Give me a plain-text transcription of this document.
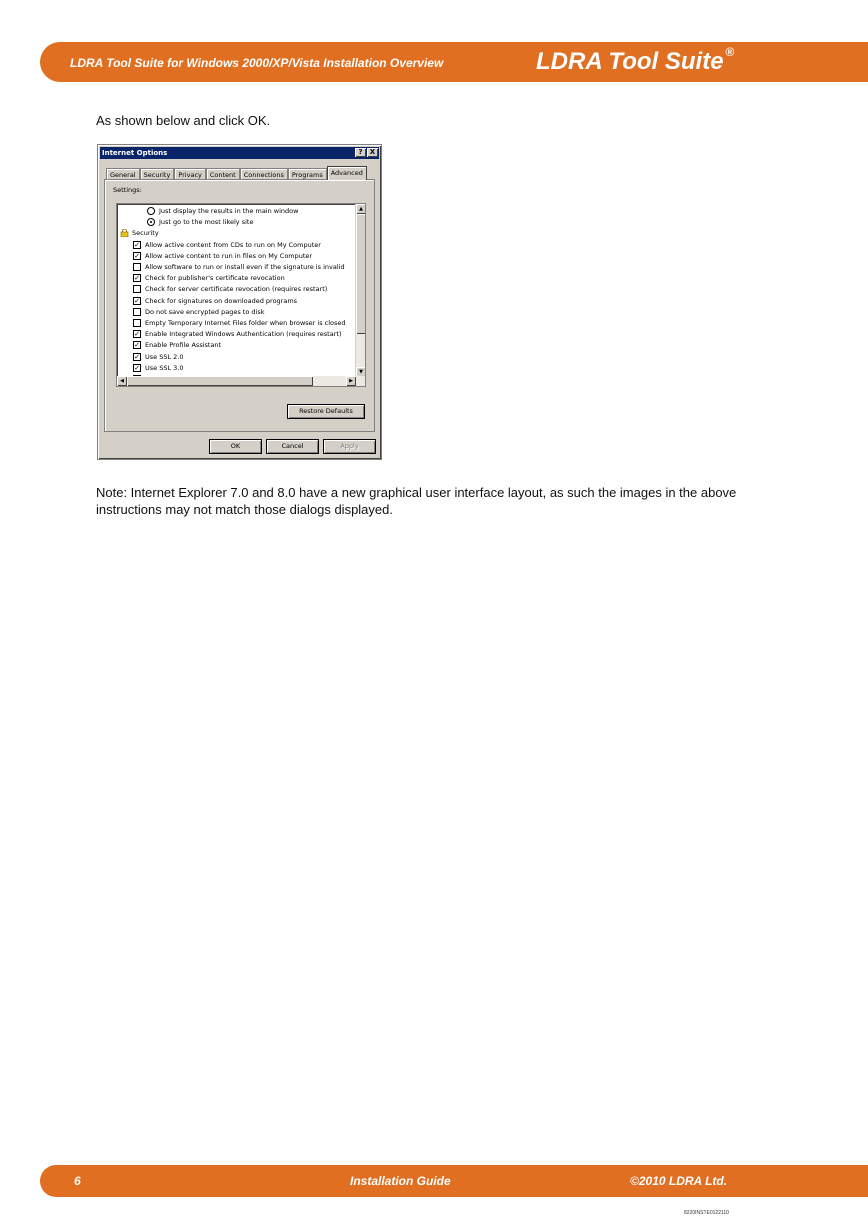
LDRA Tool Suite for Windows 2000/XP/Vista Installation Overview	LDRA Tool Suite ®
As shown below and click OK.
Internet Options	?	X
General Security Privacy Content Connections Programs Advanced
Settings:
✓ Use SSL 3.0
✓ Use SSL 2.0
✓ Enable Profile Assistant
✓ Enable Integrated Windows Authentication (requires restart)
Empty Temporary Internet Files folder when browser is closed
Do not save encrypted pages to disk
✓ Check for signatures on downloaded programs
Check for server certificate revocation (requires restart)
✓ Check for publisher's certificate revocation
Allow software to run or install even if the signature is invalid
✓ Allow active content to run in files on My Computer
✓ Allow active content from CDs to run on My Computer
Security
Just go to the most likely site
Just display the results in the main window	▲
▼
◀	▶
Restore Defaults
OK	Cancel	Apply
Note: Internet Explorer 7.0 and 8.0 have a new graphical user interface layout, as such the images in the above instructions may not match those dialogs displayed.
6	Installation Guide	©2010 LDRA Ltd.
8220INSTE0122110
